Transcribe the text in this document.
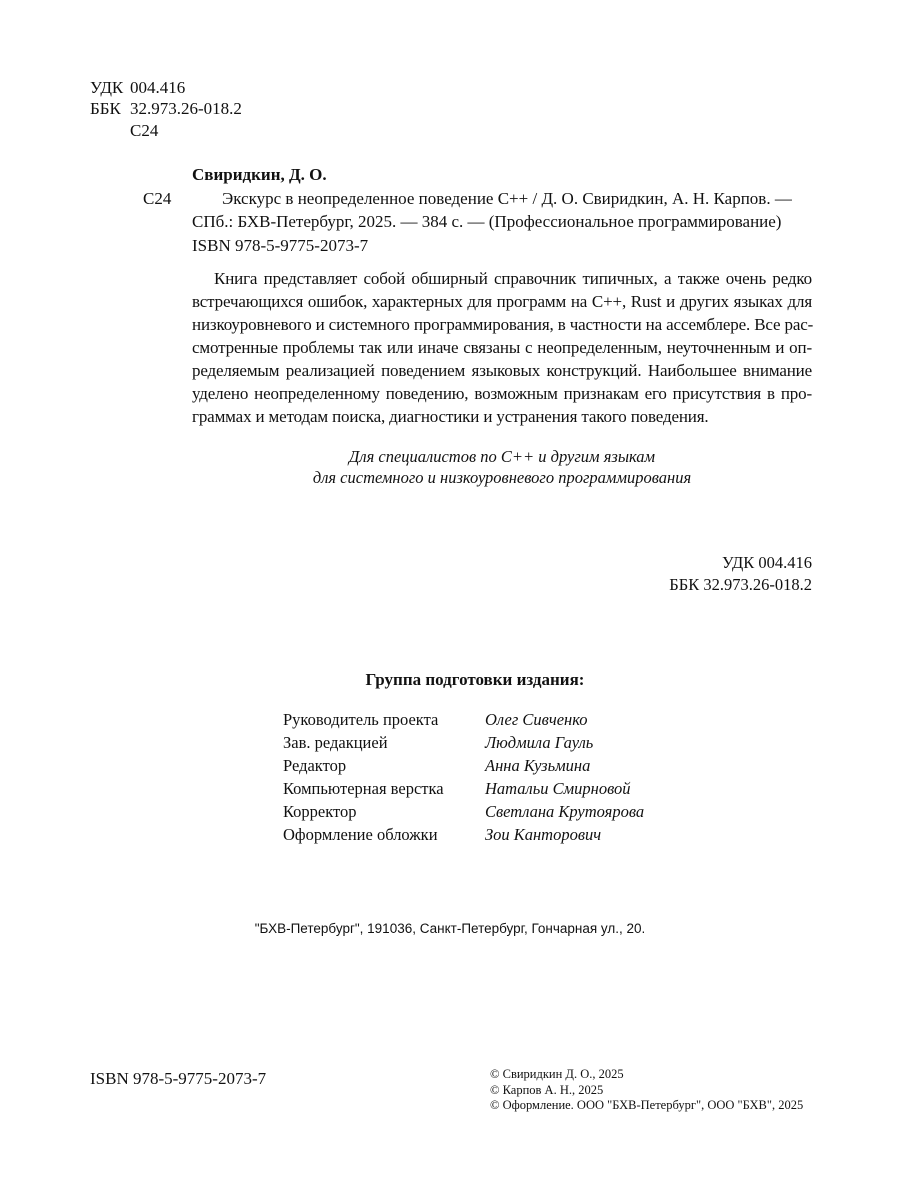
УДК 004.416
ББК 32.973.26-018.2
С24
Свиридкин, Д. О.
С24	Экскурс в неопределенное поведение C++ / Д. О. Свиридкин, А. Н. Карпов. —
СПб.: БХВ-Петербург, 2025. — 384 с. — (Профессиональное программирование)
ISBN 978-5-9775-2073-7
Книга представляет собой обширный справочник типичных, а также очень редко
встречающихся ошибок, характерных для программ на C++, Rust и других языках для
низкоуровневого и системного программирования, в частности на ассемблере. Все рас-
смотренные проблемы так или иначе связаны с неопределенным, неуточненным и оп-
ределяемым реализацией поведением языковых конструкций. Наибольшее внимание
уделено неопределенному поведению, возможным признакам его присутствия в про-
граммах и методам поиска, диагностики и устранения такого поведения.
Для специалистов по C++ и другим языкам
для системного и низкоуровневого программирования
УДК 004.416
ББК 32.973.26-018.2
Группа подготовки издания:
Руководитель проекта	Олег Сивченко
Зав. редакцией	Людмила Гауль
Редактор	Анна Кузьмина
Компьютерная верстка	Натальи Смирновой
Корректор	Светлана Крутоярова
Оформление обложки	Зои Канторович
"БХВ-Петербург", 191036, Санкт-Петербург, Гончарная ул., 20.
ISBN 978-5-9775-2073-7	© Свиридкин Д. О., 2025
© Карпов А. Н., 2025
© Оформление. ООО "БХВ-Петербург", ООО "БХВ", 2025
